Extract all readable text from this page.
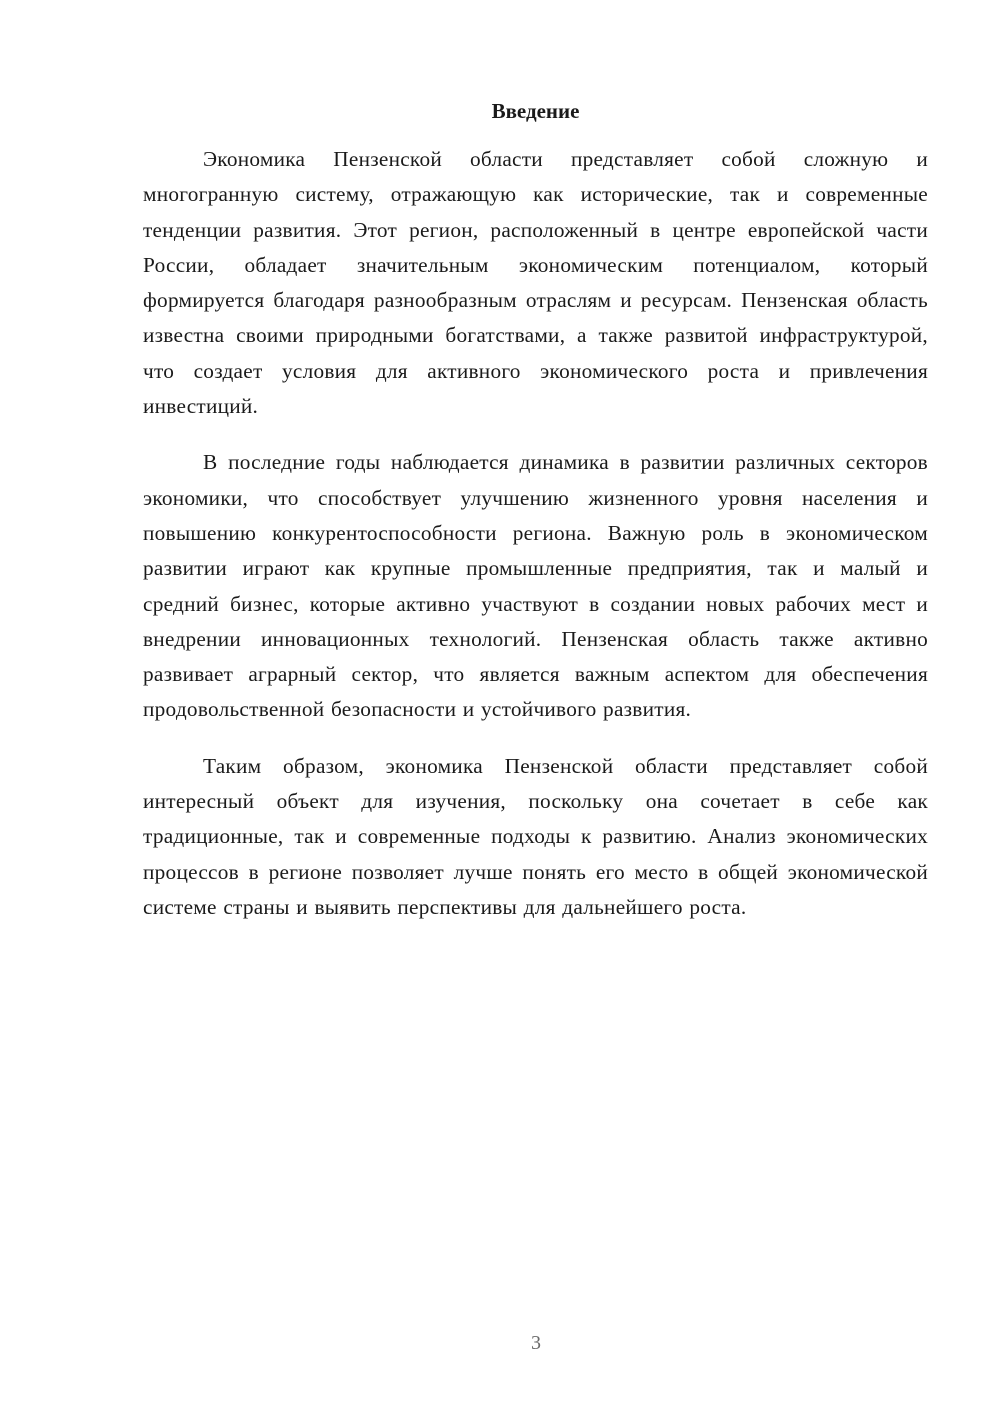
Введение

Экономика Пензенской области представляет собой сложную и многогранную систему, отражающую как исторические, так и современные тенденции развития. Этот регион, расположенный в центре европейской части России, обладает значительным экономическим потенциалом, который формируется благодаря разнообразным отраслям и ресурсам. Пензенская область известна своими природными богатствами, а также развитой инфраструктурой, что создает условия для активного экономического роста и привлечения инвестиций.

В последние годы наблюдается динамика в развитии различных секторов экономики, что способствует улучшению жизненного уровня населения и повышению конкурентоспособности региона. Важную роль в экономическом развитии играют как крупные промышленные предприятия, так и малый и средний бизнес, которые активно участвуют в создании новых рабочих мест и внедрении инновационных технологий. Пензенская область также активно развивает аграрный сектор, что является важным аспектом для обеспечения продовольственной безопасности и устойчивого развития.

Таким образом, экономика Пензенской области представляет собой интересный объект для изучения, поскольку она сочетает в себе как традиционные, так и современные подходы к развитию. Анализ экономических процессов в регионе позволяет лучше понять его место в общей экономической системе страны и выявить перспективы для дальнейшего роста.

3
